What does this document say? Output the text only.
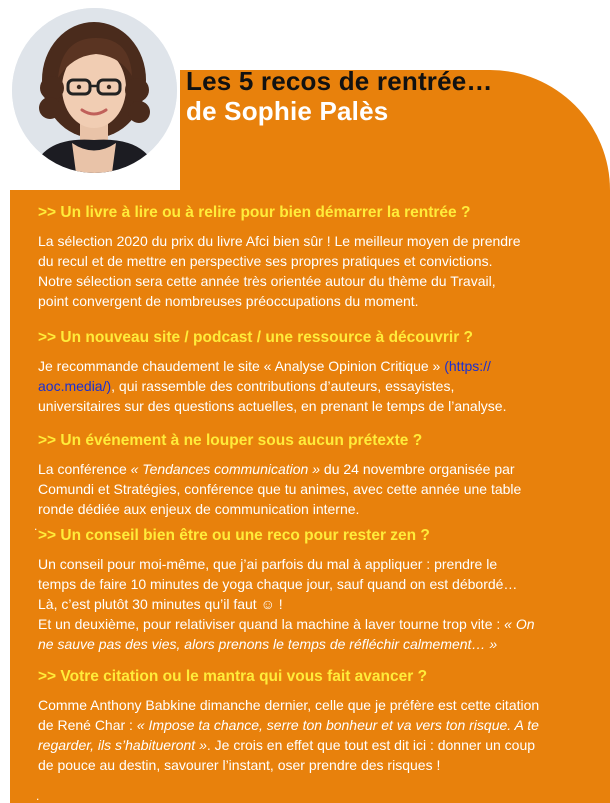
Les 5 recos de rentrée…
de Sophie Palès

>> Un livre à lire ou à relire pour bien démarrer la rentrée ?

La sélection 2020 du prix du livre Afci bien sûr ! Le meilleur moyen de prendre
du recul et de mettre en perspective ses propres pratiques et convictions.
Notre sélection sera cette année très orientée autour du thème du Travail,
point convergent de nombreuses préoccupations du moment.

>> Un nouveau site / podcast / une ressource à découvrir ?

Je recommande chaudement le site « Analyse Opinion Critique » (https://
aoc.media/), qui rassemble des contributions d’auteurs, essayistes,
universitaires sur des questions actuelles, en prenant le temps de l’analyse.

>> Un événement à ne louper sous aucun prétexte ?

La conférence « Tendances communication » du 24 novembre organisée par
Comundi et Stratégies, conférence que tu animes, avec cette année une table
ronde dédiée aux enjeux de communication interne.

.

>> Un conseil bien être ou une reco pour rester zen ?

Un conseil pour moi-même, que j’ai parfois du mal à appliquer : prendre le
temps de faire 10 minutes de yoga chaque jour, sauf quand on est débordé…
Là, c’est plutôt 30 minutes qu’il faut ☺ !
Et un deuxième, pour relativiser quand la machine à laver tourne trop vite : « On
ne sauve pas des vies, alors prenons le temps de réfléchir calmement… »

>> Votre citation ou le mantra qui vous fait avancer ?

Comme Anthony Babkine dimanche dernier, celle que je préfère est cette citation
de René Char : « Impose ta chance, serre ton bonheur et va vers ton risque. A te
regarder, ils s’habitueront ». Je crois en effet que tout est dit ici : donner un coup
de pouce au destin, savourer l’instant, oser prendre des risques !

.
